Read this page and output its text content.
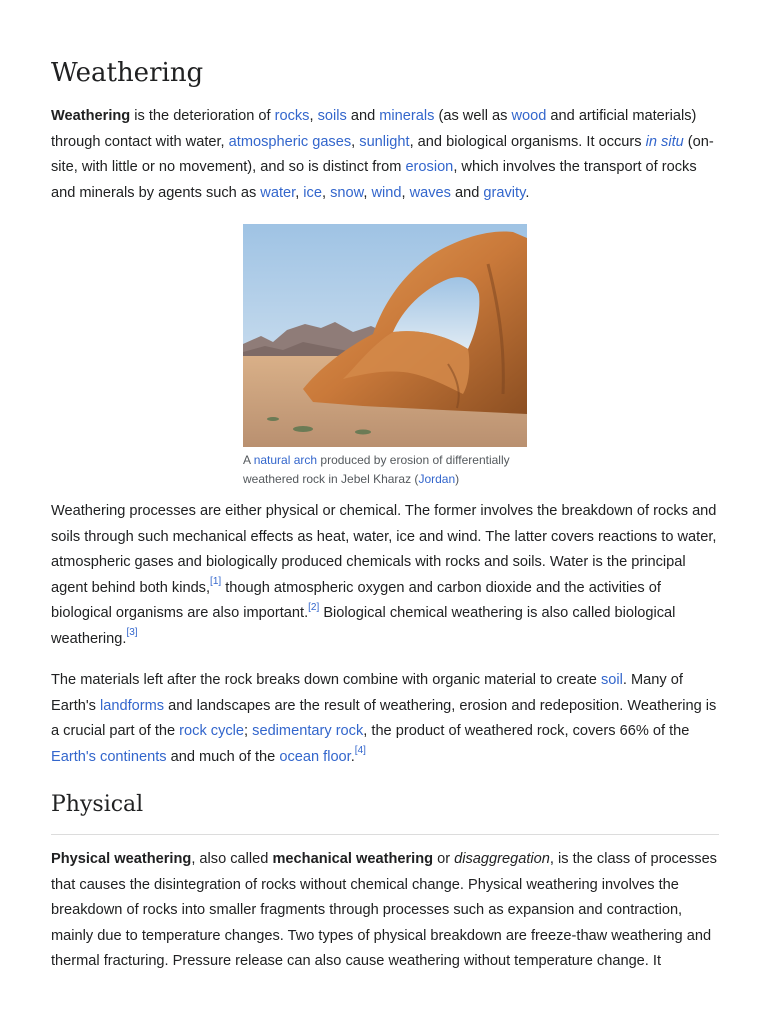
Weathering

Weathering is the deterioration of rocks, soils and minerals (as well as wood and artificial materials) through contact with water, atmospheric gases, sunlight, and biological organisms. It occurs in situ (on-site, with little or no movement), and so is distinct from erosion, which involves the transport of rocks and minerals by agents such as water, ice, snow, wind, waves and gravity.

A natural arch produced by erosion of differentially weathered rock in Jebel Kharaz (Jordan)

Weathering processes are either physical or chemical. The former involves the breakdown of rocks and soils through such mechanical effects as heat, water, ice and wind. The latter covers reactions to water, atmospheric gases and biologically produced chemicals with rocks and soils. Water is the principal agent behind both kinds,[1] though atmospheric oxygen and carbon dioxide and the activities of biological organisms are also important.[2] Biological chemical weathering is also called biological weathering.[3]

The materials left after the rock breaks down combine with organic material to create soil. Many of Earth's landforms and landscapes are the result of weathering, erosion and redeposition. Weathering is a crucial part of the rock cycle; sedimentary rock, the product of weathered rock, covers 66% of the Earth's continents and much of the ocean floor.[4]

Physical

Physical weathering, also called mechanical weathering or disaggregation, is the class of processes that causes the disintegration of rocks without chemical change. Physical weathering involves the breakdown of rocks into smaller fragments through processes such as expansion and contraction, mainly due to temperature changes. Two types of physical breakdown are freeze-thaw weathering and thermal fracturing. Pressure release can also cause weathering without temperature change. It
